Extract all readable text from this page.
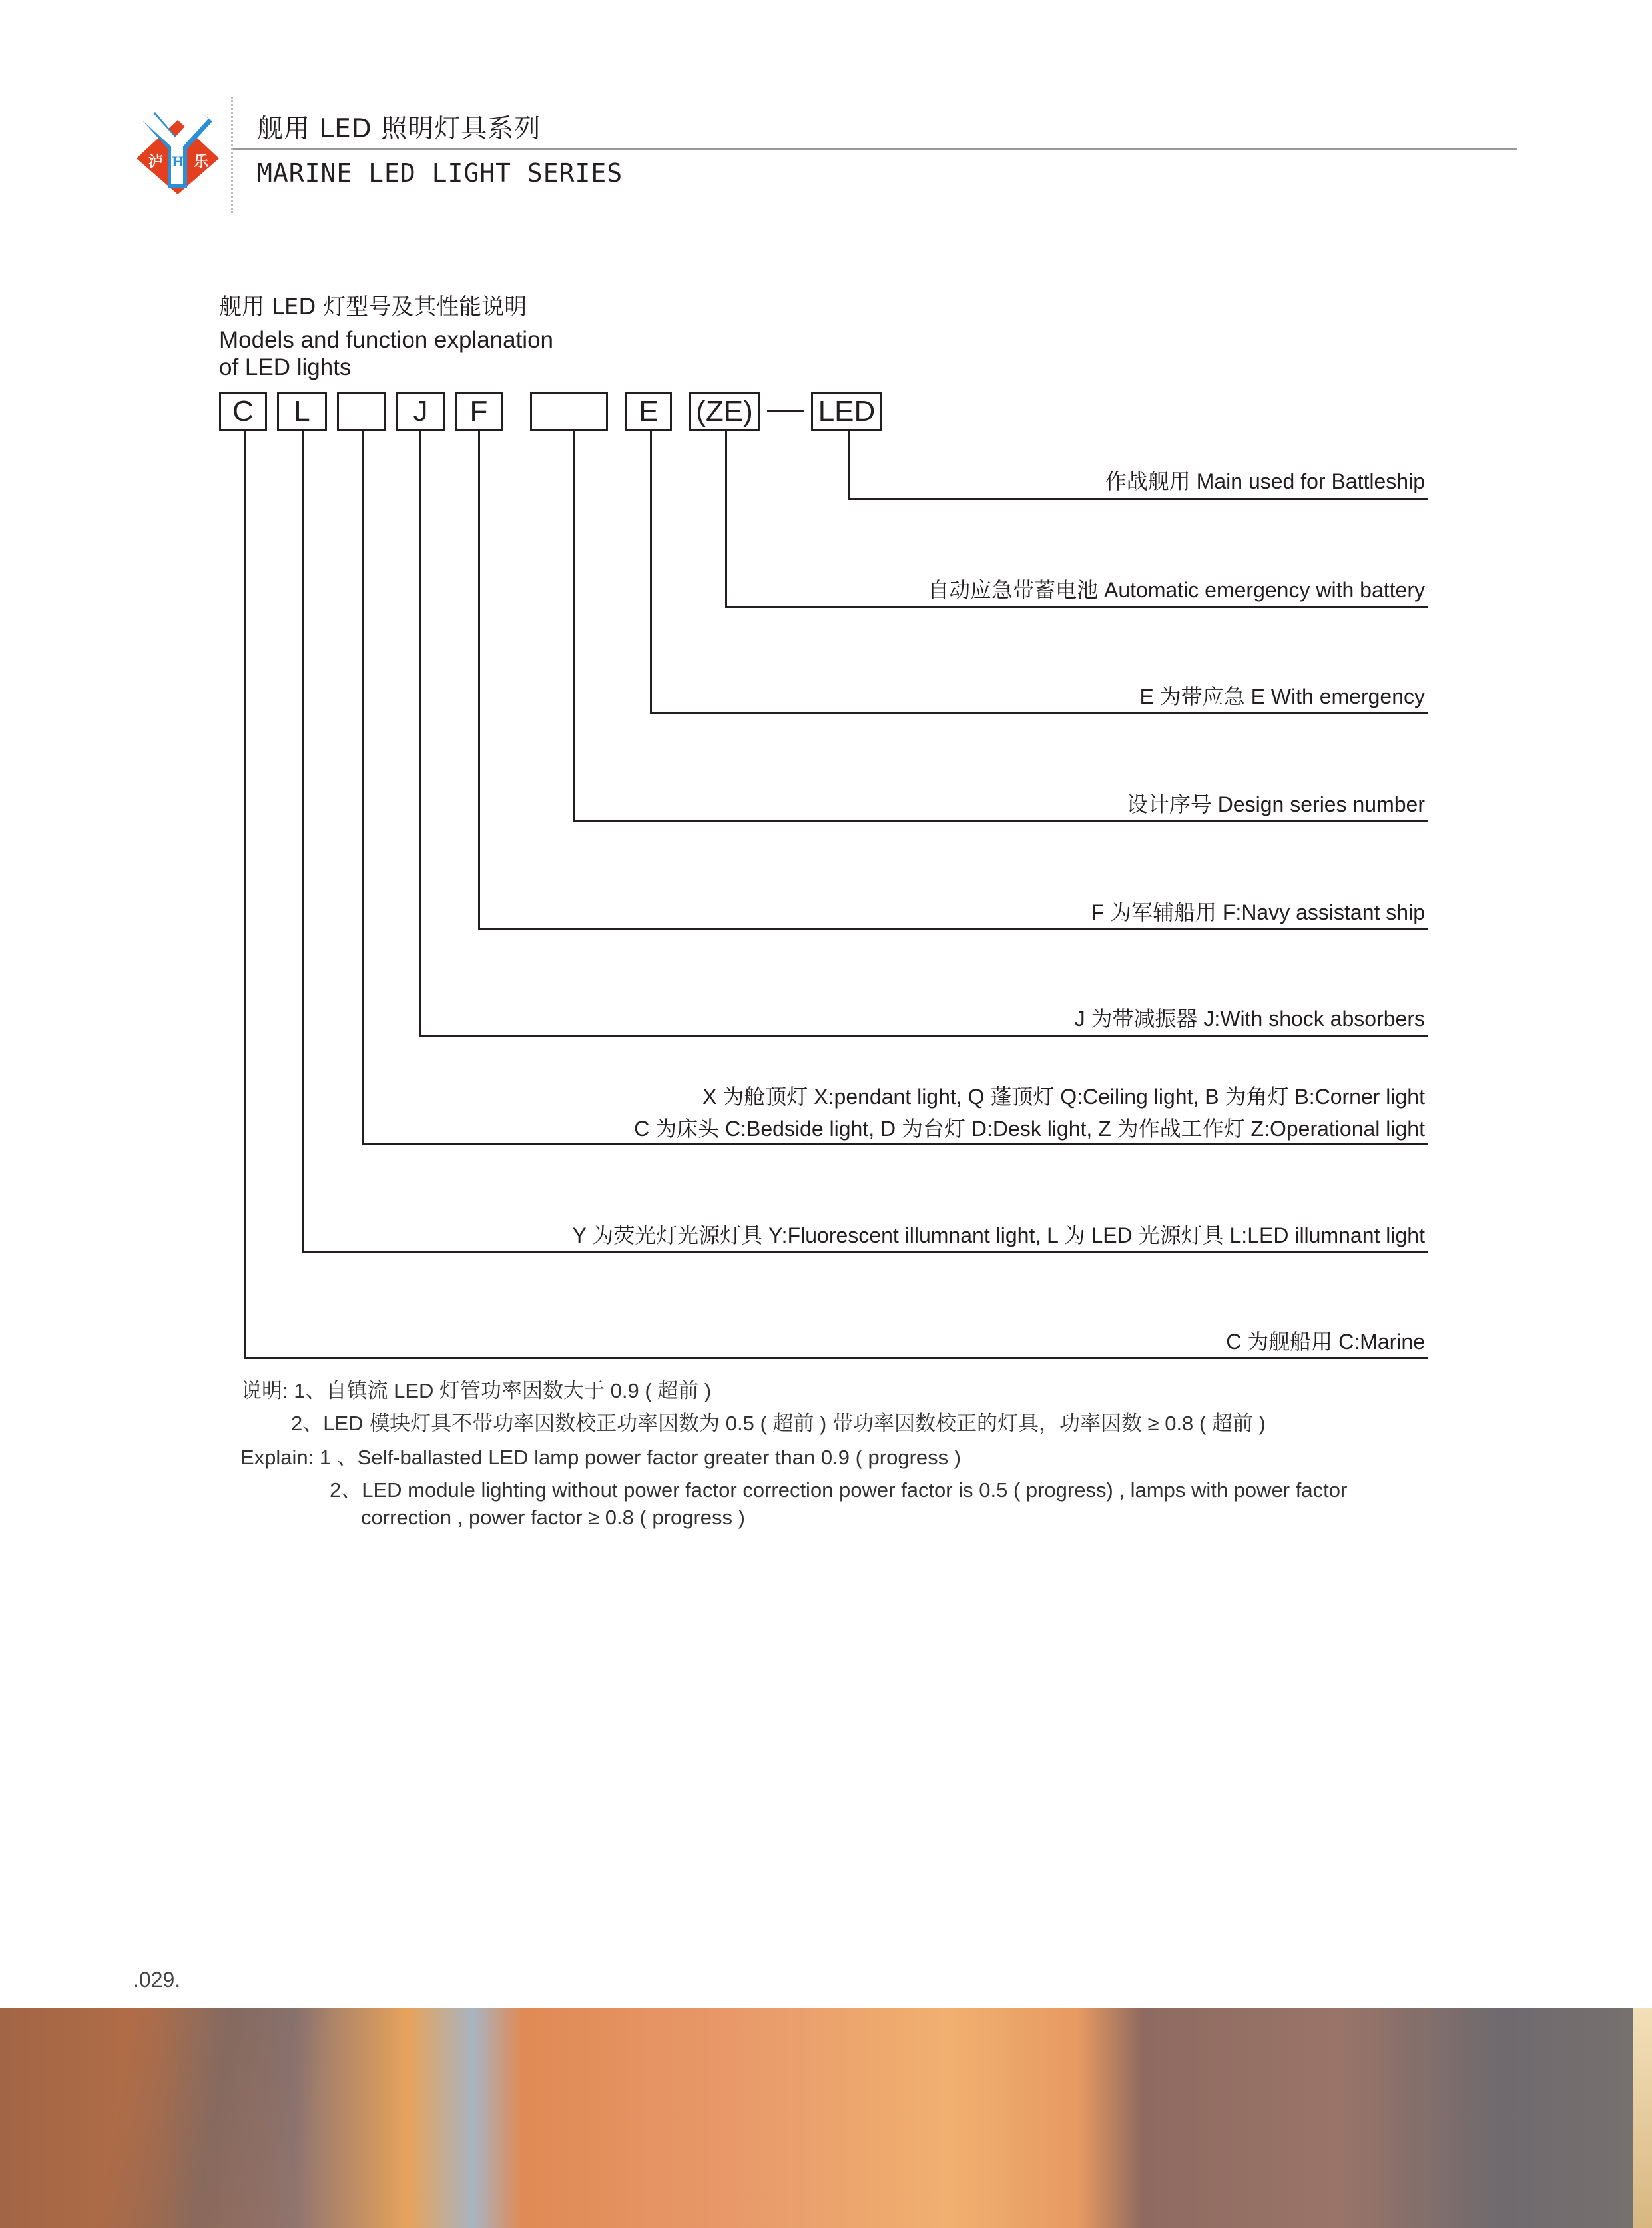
泸 H 乐
舰用 LED 照明灯具系列
MARINE LED LIGHT SERIES
舰用 LED 灯型号及其性能说明
Models and function explanation
of LED lights
C	L	J	F	E	(ZE) LED
作战舰用 Main used for Battleship
自动应急带蓄电池 Automatic emergency with battery
E 为带应急 E With emergency
设计序号 Design series number
F 为军辅船用 F:Navy assistant ship
J 为带减振器 J:With shock absorbers
X 为舱顶灯 X:pendant light, Q 蓬顶灯 Q:Ceiling light, B 为角灯 B:Corner light
C 为床头 C:Bedside light, D 为台灯 D:Desk light, Z 为作战工作灯 Z:Operational light
Y 为荧光灯光源灯具 Y:Fluorescent illumnant light, L 为 LED 光源灯具 L:LED illumnant light
C 为舰船用 C:Marine
说明: 1、自镇流 LED 灯管功率因数大于 0.9 ( 超前 )
2、LED 模块灯具不带功率因数校正功率因数为 0.5 ( 超前 ) 带功率因数校正的灯具，功率因数 ≥ 0.8 ( 超前 )
Explain: 1 、Self-ballasted LED lamp power factor greater than 0.9 ( progress )
2、LED module lighting without power factor correction power factor is 0.5 ( progress) , lamps with power factor
correction , power factor ≥ 0.8 ( progress )
.029.
